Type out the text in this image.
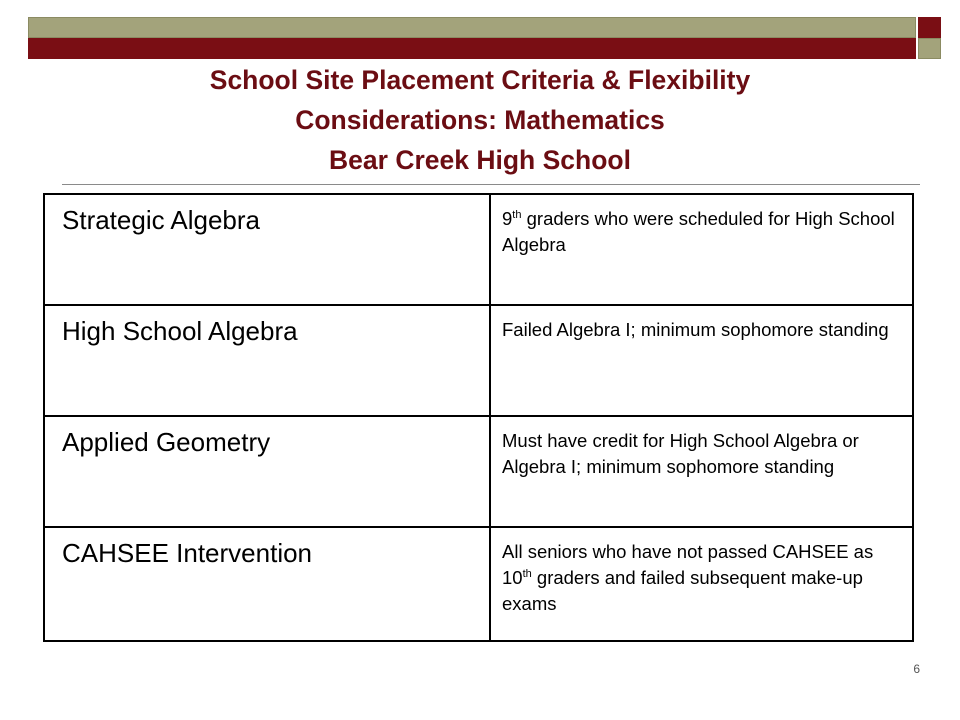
School Site Placement Criteria & Flexibility
Considerations: Mathematics
Bear Creek High School
Strategic Algebra	9th graders who were scheduled for High School Algebra
High School Algebra	Failed Algebra I; minimum sophomore standing
Applied Geometry	Must have credit for High School Algebra or Algebra I; minimum sophomore standing
CAHSEE Intervention	All seniors who have not passed CAHSEE as 10th graders and failed subsequent make-up exams
6
